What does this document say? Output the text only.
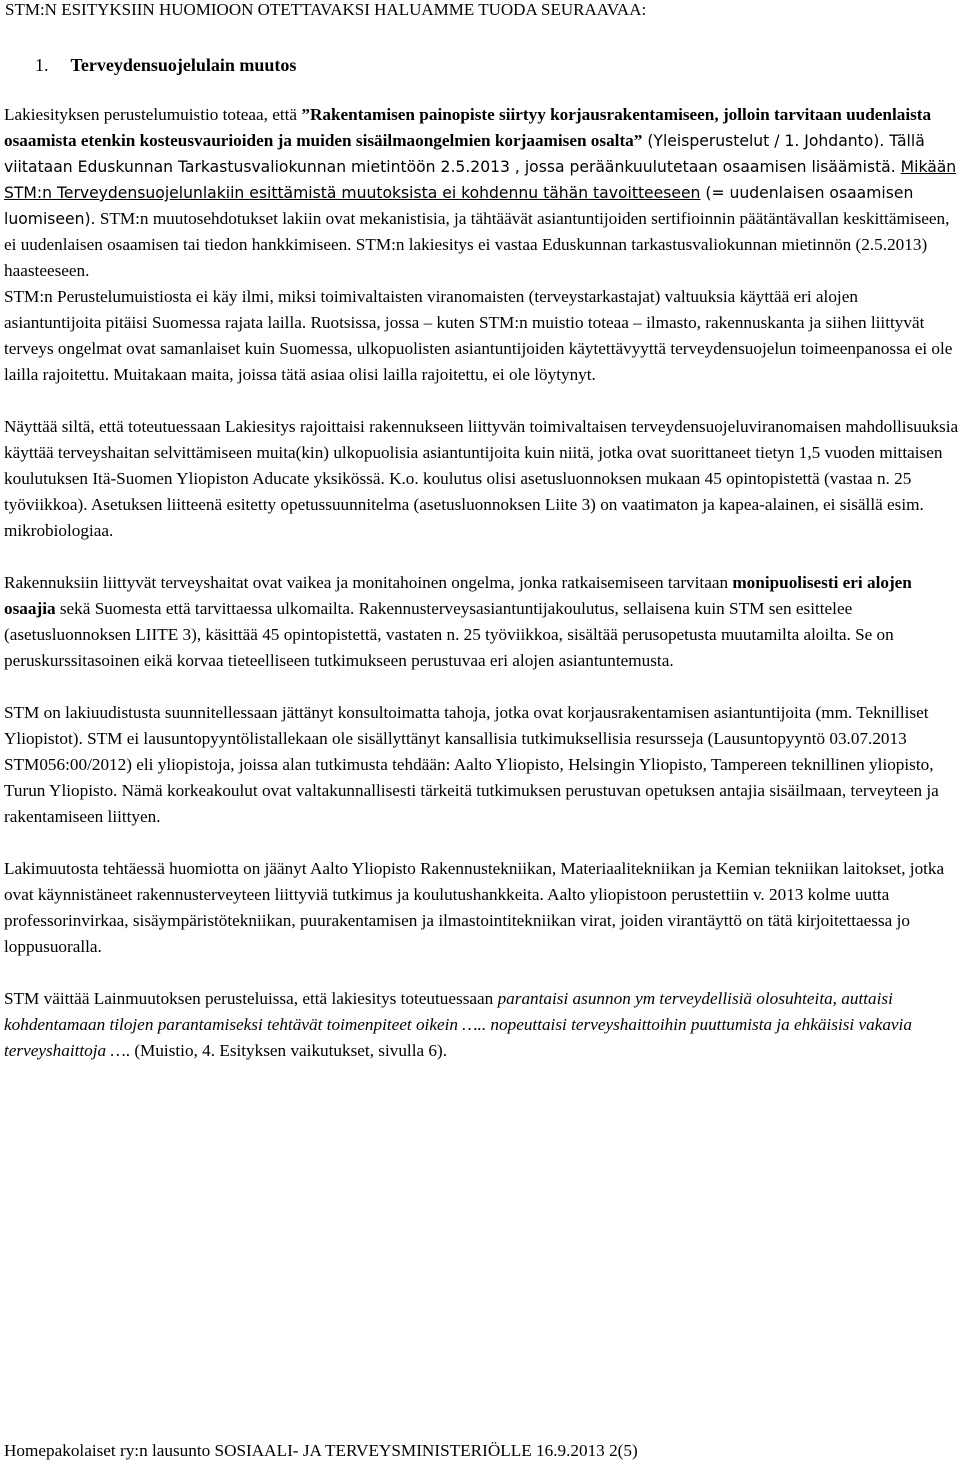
STM:N ESITYKSIIN HUOMIOON OTETTAVAKSI HALUAMME TUODA SEURAAVAA:
1. Terveydensuojelulain muutos

Lakiesityksen perustelumuistio toteaa, että ”Rakentamisen painopiste siirtyy korjausrakentamiseen, jolloin tarvitaan uudenlaista osaamista etenkin kosteusvaurioiden ja muiden sisäilmaongelmien korjaamisen osalta” (Yleisperustelut / 1. Johdanto). Tällä viitataan Eduskunnan Tarkastusvaliokunnan mietintöön 2.5.2013 , jossa peräänkuulutetaan osaamisen lisäämistä. Mikään STM:n Terveydensuojelunlakiin esittämistä muutoksista ei kohdennu tähän tavoitteeseen (= uudenlaisen osaamisen luomiseen). STM:n muutosehdotukset lakiin ovat mekanistisia, ja tähtäävät asiantuntijoiden sertifioinnin päätäntävallan keskittämiseen, ei uudenlaisen osaamisen tai tiedon hankkimiseen. STM:n lakiesitys ei vastaa Eduskunnan tarkastusvaliokunnan mietinnön (2.5.2013) haasteeseen.

STM:n Perustelumuistiosta ei käy ilmi, miksi toimivaltaisten viranomaisten (terveystarkastajat) valtuuksia käyttää eri alojen asiantuntijoita pitäisi Suomessa rajata lailla. Ruotsissa, jossa – kuten STM:n muistio toteaa – ilmasto, rakennuskanta ja siihen liittyvät terveys ongelmat ovat samanlaiset kuin Suomessa, ulkopuolisten asiantuntijoiden käytettävyyttä terveydensuojelun toimeenpanossa ei ole lailla rajoitettu. Muitakaan maita, joissa tätä asiaa olisi lailla rajoitettu, ei ole löytynyt.

Näyttää siltä, että toteutuessaan Lakiesitys rajoittaisi rakennukseen liittyvän toimivaltaisen terveydensuojeluviranomaisen mahdollisuuksia käyttää terveyshaitan selvittämiseen muita(kin) ulkopuolisia asiantuntijoita kuin niitä, jotka ovat suorittaneet tietyn 1,5 vuoden mittaisen koulutuksen Itä-Suomen Yliopiston Aducate yksikössä. K.o. koulutus olisi asetusluonnoksen mukaan 45 opintopistettä (vastaa n. 25 työviikkoa). Asetuksen liitteenä esitetty opetussuunnitelma (asetusluonnoksen Liite 3) on vaatimaton ja kapea-alainen, ei sisällä esim. mikrobiologiaa.

Rakennuksiin liittyvät terveyshaitat ovat vaikea ja monitahoinen ongelma, jonka ratkaisemiseen tarvitaan monipuolisesti eri alojen osaajia sekä Suomesta että tarvittaessa ulkomailta. Rakennusterveysasiantuntijakoulutus, sellaisena kuin STM sen esittelee (asetusluonnoksen LIITE 3), käsittää 45 opintopistettä, vastaten n. 25 työviikkoa, sisältää perusopetusta muutamilta aloilta. Se on peruskurssitasoinen eikä korvaa tieteelliseen tutkimukseen perustuvaa eri alojen asiantuntemusta.

STM on lakiuudistusta suunnitellessaan jättänyt konsultoimatta tahoja, jotka ovat korjausrakentamisen asiantuntijoita (mm. Teknilliset Yliopistot). STM ei lausuntopyyntölistallekaan ole sisällyttänyt kansallisia tutkimuksellisia resursseja (Lausuntopyyntö 03.07.2013 STM056:00/2012) eli yliopistoja, joissa alan tutkimusta tehdään: Aalto Yliopisto, Helsingin Yliopisto, Tampereen teknillinen yliopisto, Turun Yliopisto. Nämä korkeakoulut ovat valtakunnallisesti tärkeitä tutkimuksen perustuvan opetuksen antajia sisäilmaan, terveyteen ja rakentamiseen liittyen.

Lakimuutosta tehtäessä huomiotta on jäänyt Aalto Yliopisto Rakennustekniikan, Materiaalitekniikan ja Kemian tekniikan laitokset, jotka ovat käynnistäneet rakennusterveyteen liittyviä tutkimus ja koulutushankkeita. Aalto yliopistoon perustettiin v. 2013 kolme uutta professorinvirkaa, sisäympäristötekniikan, puurakentamisen ja ilmastointitekniikan virat, joiden virantäyttö on tätä kirjoitettaessa jo loppusuoralla.

STM väittää Lainmuutoksen perusteluissa, että lakiesitys toteutuessaan parantaisi asunnon ym terveydellisiä olosuhteita, auttaisi kohdentamaan tilojen parantamiseksi tehtävät toimenpiteet oikein ….. nopeuttaisi terveyshaittoihin puuttumista ja ehkäisisi vakavia terveyshaittoja …. (Muistio, 4. Esityksen vaikutukset, sivulla 6).

Homepakolaiset ry:n lausunto SOSIAALI- JA TERVEYSMINISTERIÖLLE 16.9.2013 2(5)
